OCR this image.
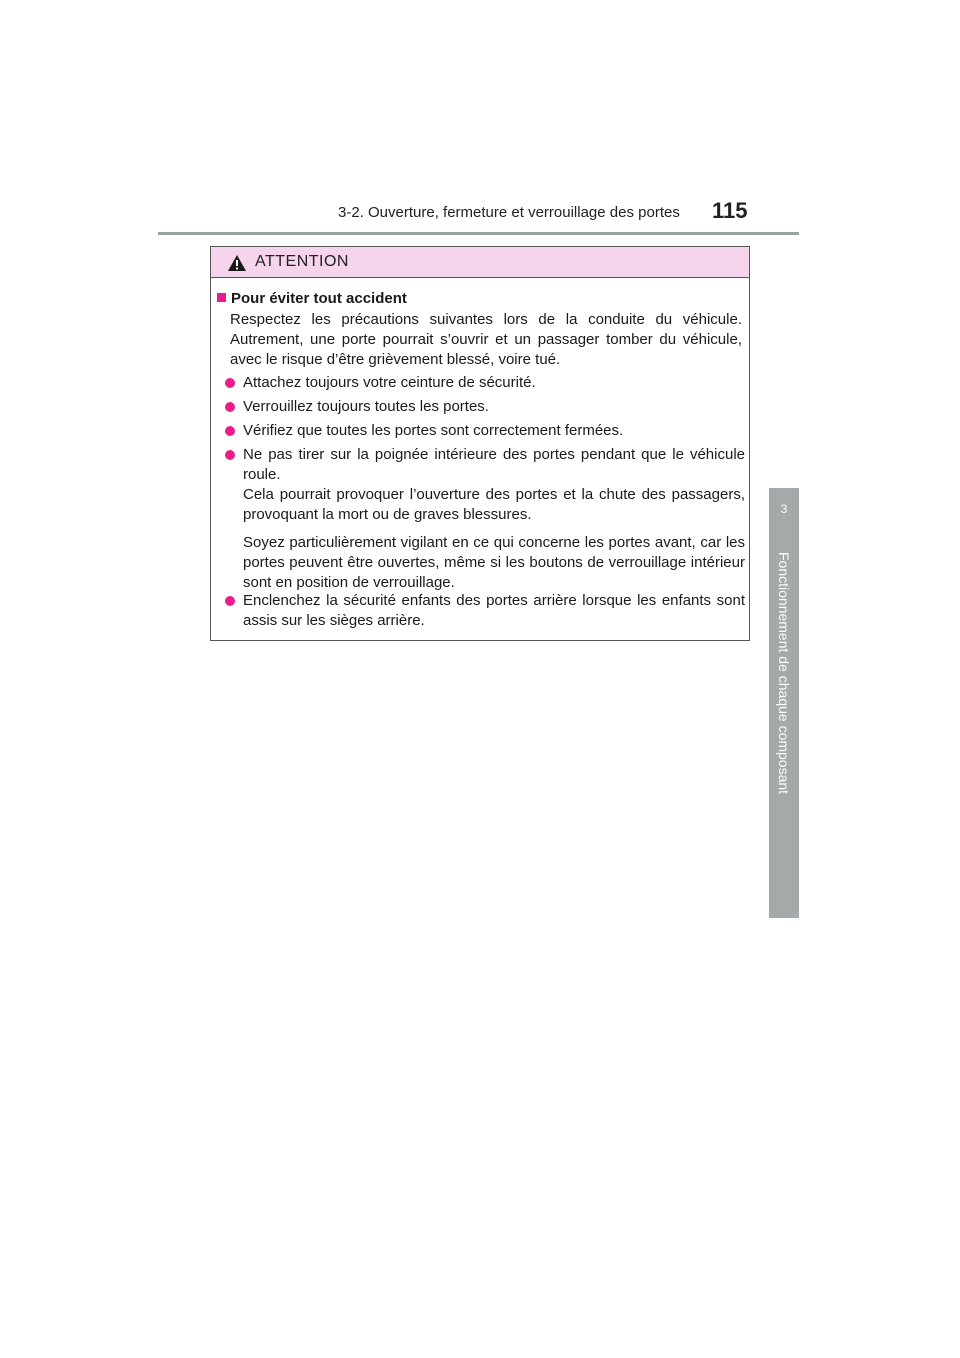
3-2. Ouverture, fermeture et verrouillage des portes 115
3
Fonctionnement de chaque composant
ATTENTION
Pour éviter tout accident
Respectez les précautions suivantes lors de la conduite du véhicule. Autrement, une porte pourrait s’ouvrir et un passager tomber du véhicule, avec le risque d’être grièvement blessé, voire tué.

Attachez toujours votre ceinture de sécurité.

Verrouillez toujours toutes les portes.

Vérifiez que toutes les portes sont correctement fermées.

Ne pas tirer sur la poignée intérieure des portes pendant que le véhicule roule.

Cela pourrait provoquer l’ouverture des portes et la chute des passagers, provoquant la mort ou de graves blessures.

Soyez particulièrement vigilant en ce qui concerne les portes avant, car les portes peuvent être ouvertes, même si les boutons de verrouillage intérieur sont en position de verrouillage.

Enclenchez la sécurité enfants des portes arrière lorsque les enfants sont assis sur les sièges arrière.
